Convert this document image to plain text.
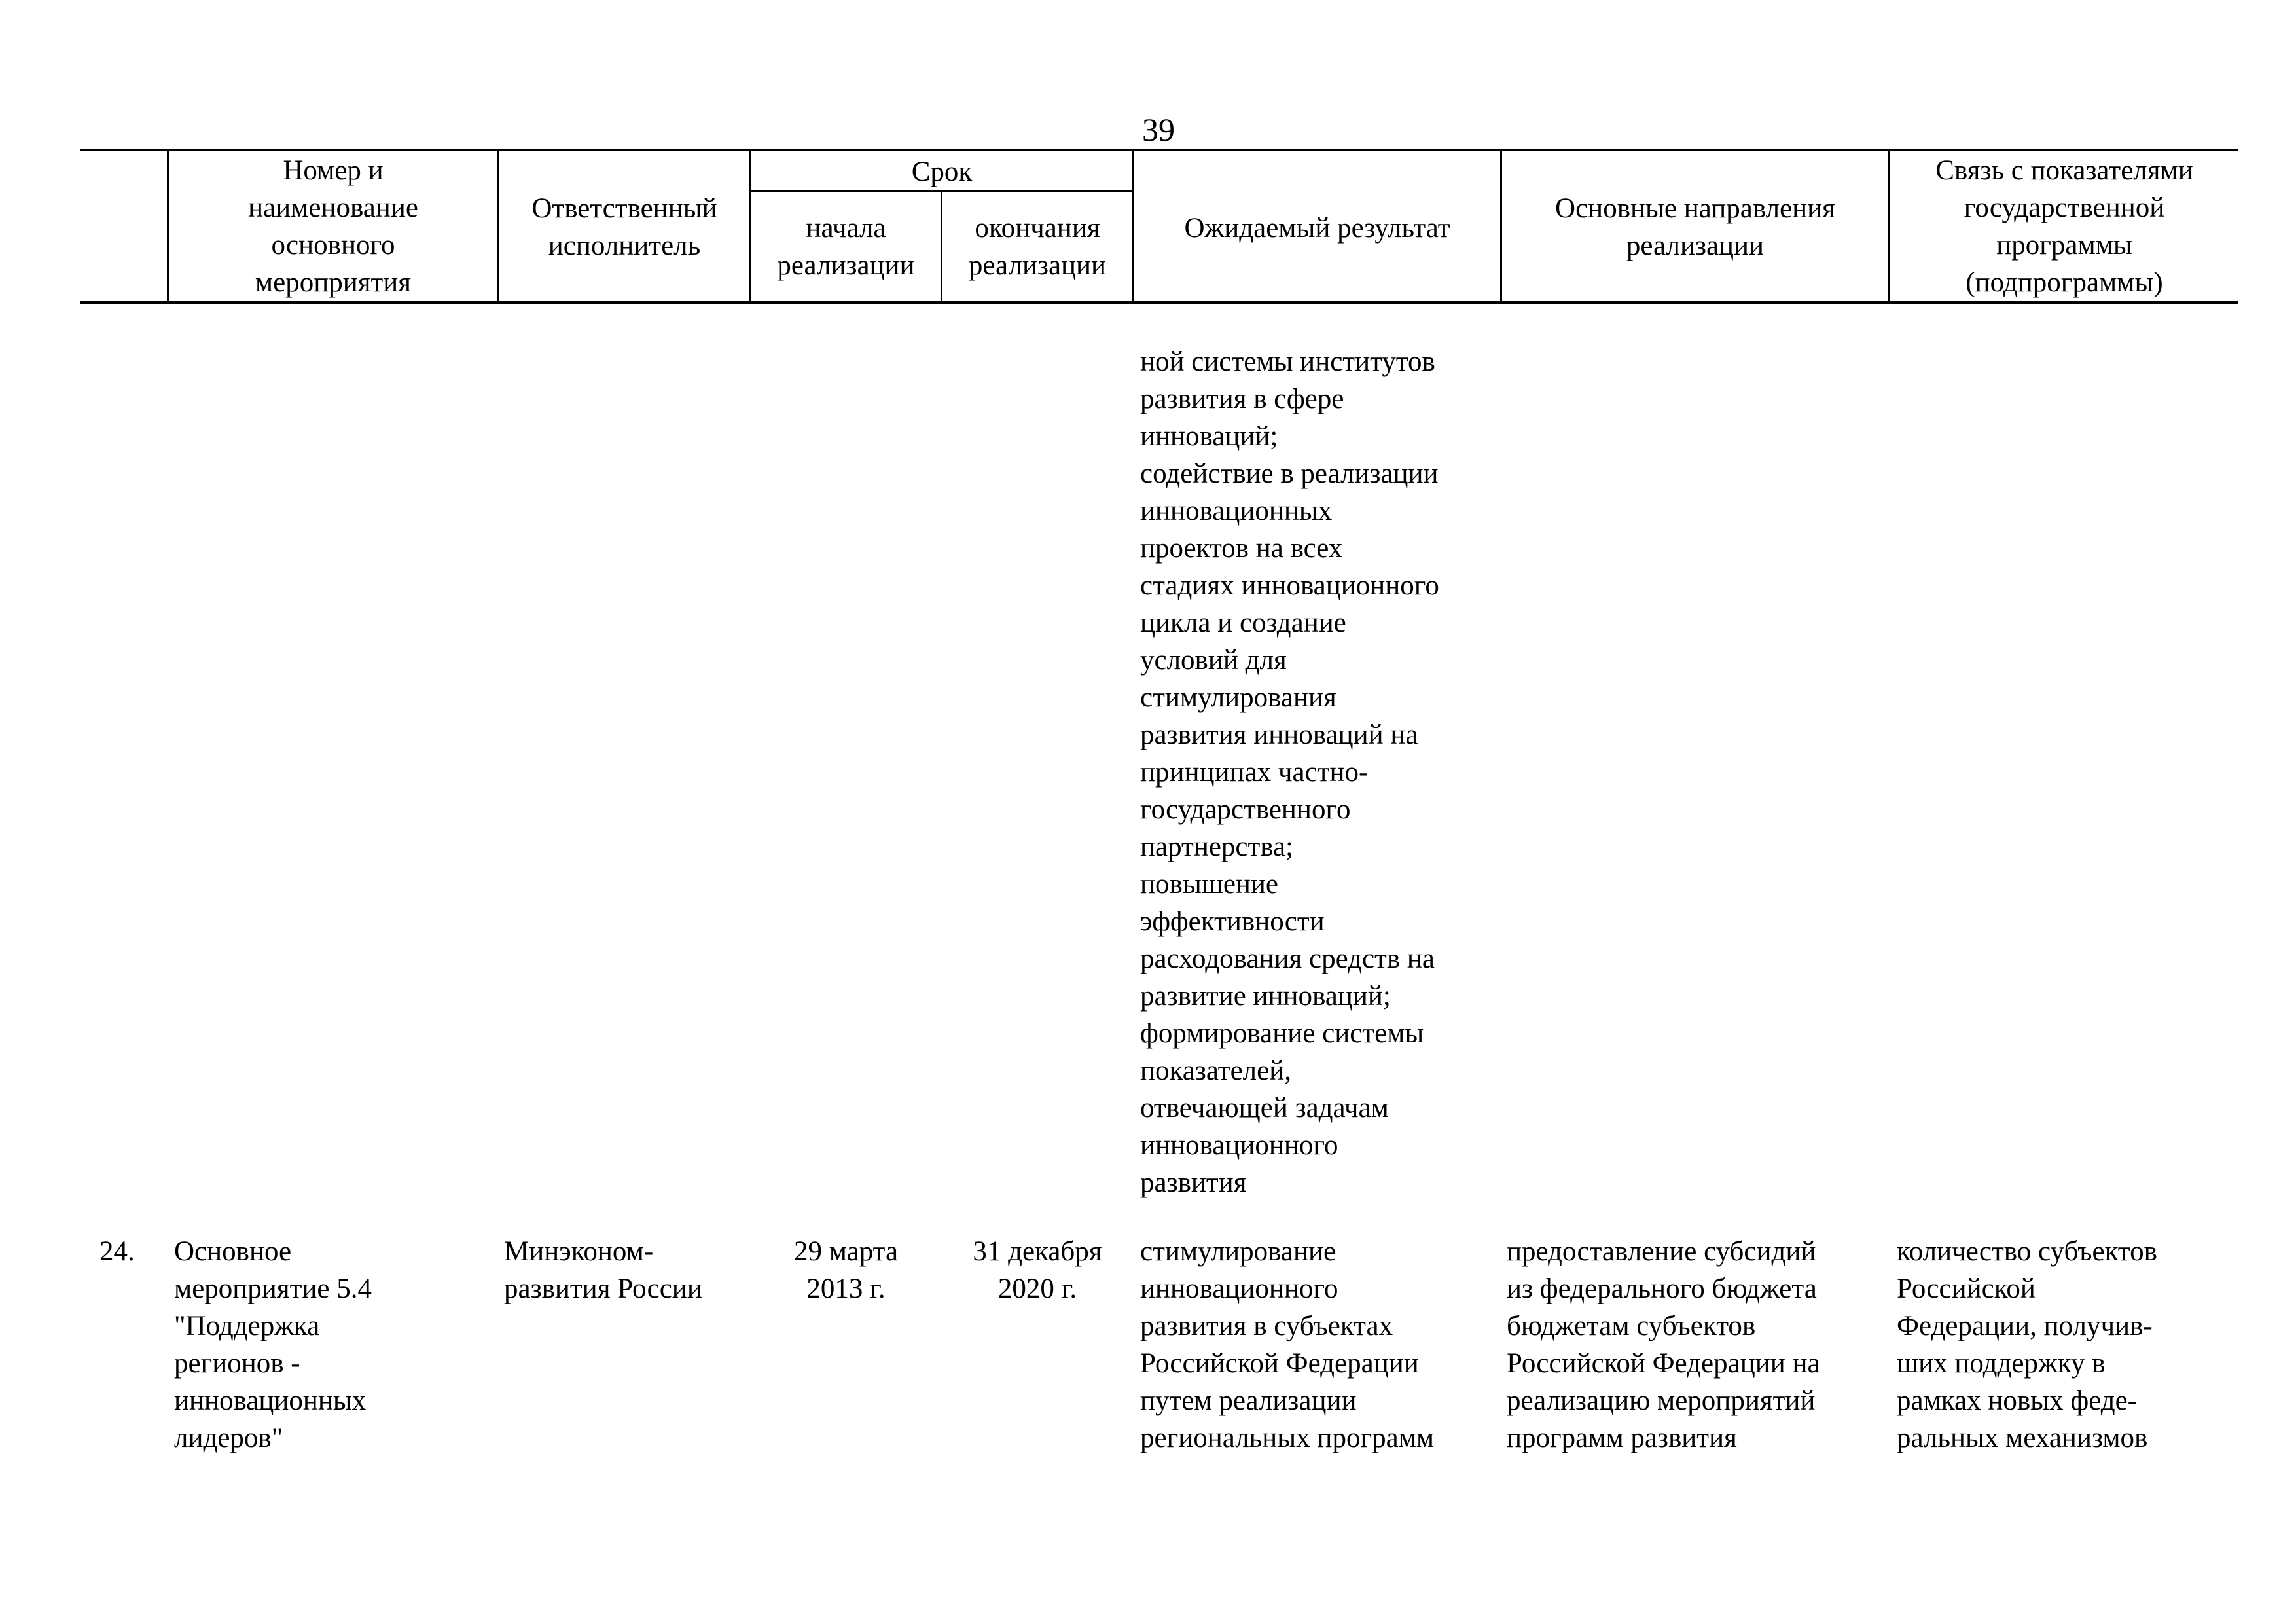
39
Номер и
наименование
основного
мероприятия
Ответственный
исполнитель
Срок
начала
реализации
окончания
реализации
Ожидаемый результат
Основные направления
реализации
Связь с показателями
государственной
программы
(подпрограммы)
ной системы институтов
развития в сфере
инноваций;
содействие в реализации
инновационных
проектов на всех
стадиях инновационного
цикла и создание
условий для
стимулирования
развития инноваций на
принципах частно-
государственного
партнерства;
повышение
эффективности
расходования средств на
развитие инноваций;
формирование системы
показателей,
отвечающей задачам
инновационного
развития
24.	Основное
мероприятие 5.4
"Поддержка
регионов -
инновационных
лидеров"
Минэконом-
развития России
29 марта
2013 г.
31 декабря
2020 г.
стимулирование
инновационного
развития в субъектах
Российской Федерации
путем реализации
региональных программ
предоставление субсидий
из федерального бюджета
бюджетам субъектов
Российской Федерации на
реализацию мероприятий
программ развития
количество субъектов
Российской
Федерации, получив-
ших поддержку в
рамках новых феде-
ральных механизмов
